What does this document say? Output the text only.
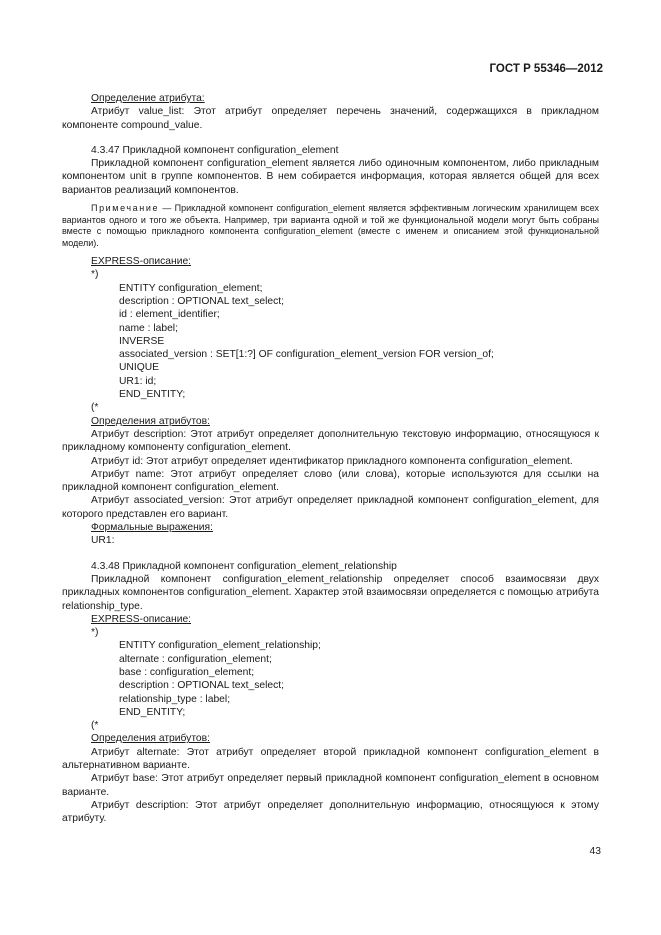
ГОСТ Р 55346—2012
Определение атрибута:

Атрибут value_list: Этот атрибут определяет перечень значений, содержащихся в прикладном компоненте compound_value.

4.3.47 Прикладной компонент configuration_element

Прикладной компонент configuration_element является либо одиночным компонентом, либо прикладным компонентом unit в группе компонентов. В нем собирается информация, которая является общей для всех вариантов реализаций компонентов.

Примечание — Прикладной компонент configuration_element является эффективным логическим хранилищем всех вариантов одного и того же объекта. Например, три варианта одной и той же функциональной модели могут быть собраны вместе с помощью прикладного компонента configuration_element (вместе с именем и описанием этой функциональной модели).

EXPRESS-описание:
*)
ENTITY configuration_element;
description : OPTIONAL text_select;
id : element_identifier;
name : label;
INVERSE
associated_version : SET[1:?] OF configuration_element_version FOR version_of;
UNIQUE
UR1: id;
END_ENTITY;
(*
Определения атрибутов:

Атрибут description: Этот атрибут определяет дополнительную текстовую информацию, относящуюся к прикладному компоненту configuration_element.

Атрибут id: Этот атрибут определяет идентификатор прикладного компонента configuration_element.

Атрибут name: Этот атрибут определяет слово (или слова), которые используются для ссылки на прикладной компонент configuration_element.

Атрибут associated_version: Этот атрибут определяет прикладной компонент configuration_element, для которого представлен его вариант.

Формальные выражения:
UR1:

4.3.48 Прикладной компонент configuration_element_relationship

Прикладной компонент configuration_element_relationship определяет способ взаимосвязи двух прикладных компонентов configuration_element. Характер этой взаимосвязи определяется с помощью атрибута relationship_type.

EXPRESS-описание:
*)
ENTITY configuration_element_relationship;
alternate : configuration_element;
base : configuration_element;
description : OPTIONAL text_select;
relationship_type : label;
END_ENTITY;
(*
Определения атрибутов:

Атрибут alternate: Этот атрибут определяет второй прикладной компонент configuration_element в альтернативном варианте.

Атрибут base: Этот атрибут определяет первый прикладной компонент configuration_element в основном варианте.

Атрибут description: Этот атрибут определяет дополнительную информацию, относящуюся к этому атрибуту.

43
